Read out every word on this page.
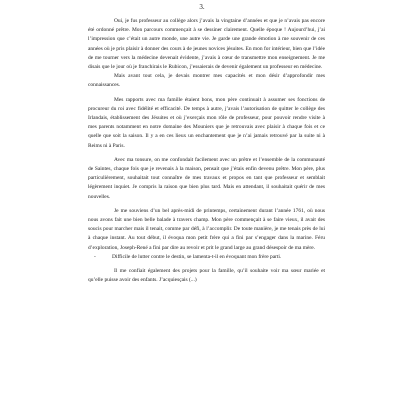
3.

Oui, je fus professeur au collège alors j’avais la vingtaine d’années et que je n’avais pas encore été ordonné prêtre. Mon parcours commençait à se dessiner clairement. Quelle époque ! Aujourd’hui, j’ai l’impression que c’était un autre monde, une autre vie. Je garde une grande émotion à me souvenir de ces années où je pris plaisir à donner des cours à de jeunes novices jésuites. En mon for intérieur, bien que l’idée de me tourner vers la médecine devenait évidente, j’avais à cœur de transmettre mon enseignement. Je me disais que le jour où je franchirais le Rubicon, j’essaierais de devenir également un professeur en médecine.

Mais avant tout cela, je devais montrer mes capacités et mon désir d’approfondir mes connaissances.

Mes rapports avec ma famille étaient bons, mon père continuait à assumer ses fonctions de procureur du roi avec fidélité et efficacité. De temps à autre, j’avais l’autorisation de quitter le collège des Irlandais, établissement des Jésuites et où j’exerçais mon rôle de professeur, pour pouvoir rendre visite à mes parents notamment en notre domaine des Mouniers que je retrouvais avec plaisir à chaque fois et ce quelle que soit la saison. Il y a en ces lieux un enchantement que je n’ai jamais retrouvé par la suite ni à Reims ni à Paris.

Avec ma tonsure, on me confondait facilement avec un prêtre et l’ensemble de la communauté de Saintes, chaque fois que je revenais à la maison, pensait que j’étais enfin devenu prêtre. Mon père, plus particulièrement, souhaitait tout connaître de mes travaux et propos en tant que professeur et semblait légèrement inquiet. Je compris la raison que bien plus tard. Mais en attendant, il souhaitait quérir de mes nouvelles.

Je me souviens d’un bel après-midi de printemps, certainement durant l’année 1761, où nous nous avons fait une bien belle balade à travers champ. Mon père commençait à se faire vieux, il avait des soucis pour marcher mais il tenait, comme par défi, à l’accomplir. De toute manière, je me tenais près de lui à chaque instant. Au tout début, il évoqua mon petit frère qui a fini par s’engager dans la marine. Féru d’exploration, Joseph-René a fini par dire au revoir et prit le grand large au grand désespoir de ma mère.

-	Difficile de lutter contre le destin, se lamenta-t-il en évoquant mon frère parti.

Il me confiait également des projets pour la famille, qu’il souhaite voir ma sœur mariée et qu’elle puisse avoir des enfants. J’acquiesçais (...)
